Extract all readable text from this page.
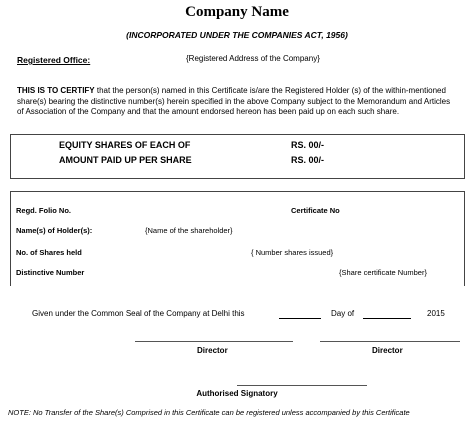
Company Name
(INCORPORATED UNDER THE COMPANIES ACT, 1956)
Registered Office:	{Registered Address of the Company}
THIS IS TO CERTIFY that the person(s) named in this Certificate is/are the Registered Holder (s) of the within-mentioned share(s) bearing the distinctive number(s) herein specified in the above Company subject to the Memorandum and Articles of Association of the Company and that the amount endorsed hereon has been paid up on each such share.
EQUITY SHARES OF EACH OF	RS. 00/-
AMOUNT PAID UP PER SHARE	RS. 00/-
Regd. Folio No.	Certificate No
Name(s) of Holder(s):	{Name of the shareholder}
No. of Shares held	{ Number shares issued}
Distinctive Number	{Share certificate Number}
Given under the Common Seal of the Company at Delhi this	Day of	2015
Director	Director
Authorised Signatory
NOTE: No Transfer of the Share(s) Comprised in this Certificate can be registered unless accompanied by this Certificate
